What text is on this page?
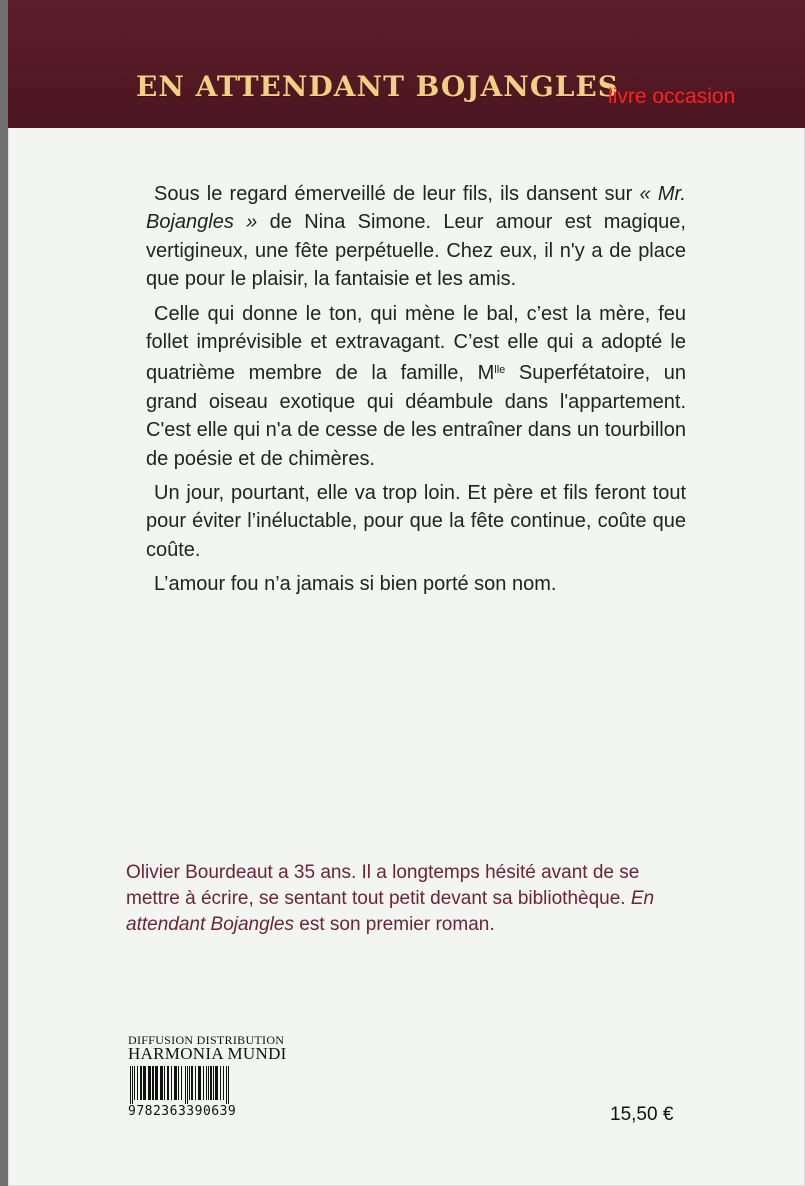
EN ATTENDANT BOJANGLES
livre occasion

Sous le regard émerveillé de leur fils, ils dansent sur « Mr. Bojangles » de Nina Simone. Leur amour est magique, vertigineux, une fête perpétuelle. Chez eux, il n'y a de place que pour le plaisir, la fantaisie et les amis.

Celle qui donne le ton, qui mène le bal, c’est la mère, feu follet imprévisible et extravagant. C’est elle qui a adopté le quatrième membre de la famille, $M^{lle}$ Superfétatoire, un grand oiseau exotique qui déambule dans l'appartement. C'est elle qui n'a de cesse de les entraîner dans un tourbillon de poésie et de chimères.

Un jour, pourtant, elle va trop loin. Et père et fils feront tout pour éviter l’inéluctable, pour que la fête continue, coûte que coûte.

L’amour fou n’a jamais si bien porté son nom.

Olivier Bourdeaut a 35 ans. Il a longtemps hésité avant de se mettre à écrire, se sentant tout petit devant sa bibliothèque. En attendant Bojangles est son premier roman.

DIFFUSION DISTRIBUTION
HARMONIA MUNDI
9782363390639	15,50 €
